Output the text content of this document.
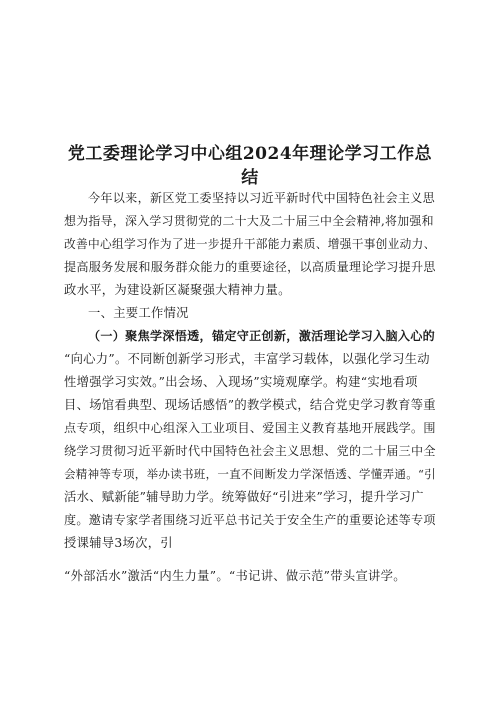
党工委理论学习中心组2024年理论学习工作总
结
今年以来，新区党工委坚持以习近平新时代中国特色社会主义思
想为指导，深入学习贯彻党的二十大及二十届三中全会精神,将加强和
改善中心组学习作为了进一步提升干部能力素质、增强干事创业动力、
提高服务发展和服务群众能力的重要途径，以高质量理论学习提升思
政水平，为建设新区凝聚强大精神力量。
一、主要工作情况
（一）聚焦学深悟透，锚定守正创新，激活理论学习入脑入心的
“向心力”。不同断创新学习形式，丰富学习载体，以强化学习生动
性增强学习实效。”出会场、入现场”实境观摩学。构建“实地看项
目、场馆看典型、现场话感悟”的教学模式，结合党史学习教育等重
点专项，组织中心组深入工业项目、爱国主义教育基地开展践学。围
绕学习贯彻习近平新时代中国特色社会主义思想、党的二十届三中全
会精神等专项，举办读书班，一直不间断发力学深悟透、学懂弄通。“引
活水、赋新能”辅导助力学。统筹做好“引进来”学习，提升学习广
度。邀请专家学者围绕习近平总书记关于安全生产的重要论述等专项
授课辅导3场次，引
“外部活水”激活“内生力量”。“书记讲、做示范”带头宣讲学。
